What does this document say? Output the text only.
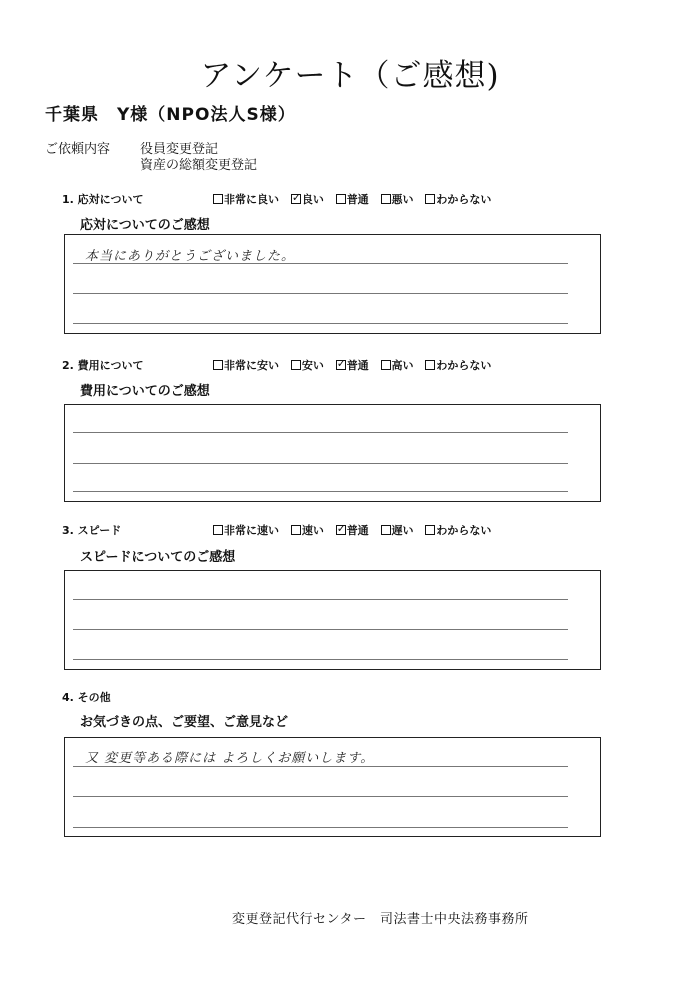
アンケート（ご感想)
千葉県　Y様（NPO法人S様）
ご依頼内容 役員変更登記
資産の総額変更登記
1. 応対について	非常に良い ✓ 良い 普通 悪い わからない
応対についてのご感想
本当にありがとうございました。
2. 費用について	非常に安い 安い ✓ 普通 高い わからない
費用についてのご感想
3. スピード	非常に速い 速い ✓ 普通 遅い わからない
スピードについてのご感想
4. その他
お気づきの点、ご要望、ご意見など
又 変更等ある際には よろしくお願いします。
変更登記代行センター　司法書士中央法務事務所
